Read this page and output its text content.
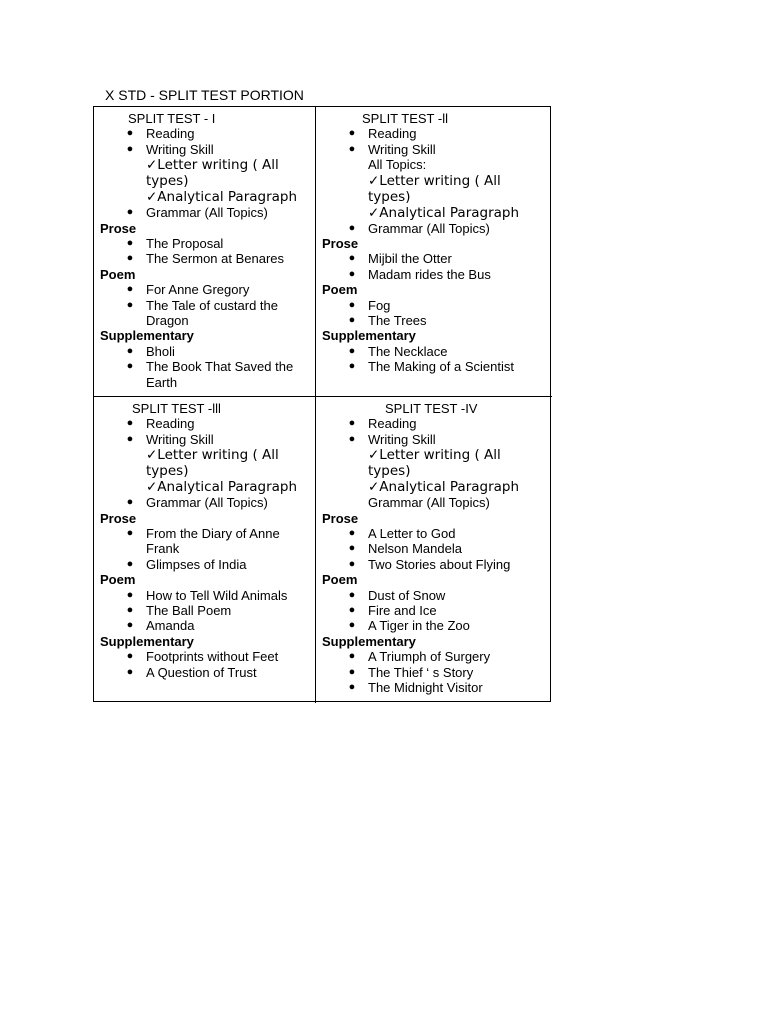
X STD - SPLIT TEST PORTION
SPLIT TEST - I
● Reading
● Writing Skill
✓Letter writing ( All types)
✓Analytical Paragraph
● Grammar (All Topics)
Prose
● The Proposal
● The Sermon at Benares
Poem
● For Anne Gregory
● The Tale of custard the Dragon
Supplementary
● Bholi
● The Book That Saved the Earth
SPLIT TEST -ll
● Reading
● Writing Skill
All Topics:
✓Letter writing ( All types)
✓Analytical Paragraph
● Grammar (All Topics)
Prose
● Mijbil the Otter
● Madam rides the Bus
Poem
● Fog
● The Trees
Supplementary
● The Necklace
● The Making of a Scientist
SPLIT TEST -lll
● Reading
● Writing Skill
✓Letter writing ( All types)
✓Analytical Paragraph
● Grammar (All Topics)
Prose
● From the Diary of Anne Frank
● Glimpses of India
Poem
● How to Tell Wild Animals
● The Ball Poem
● Amanda
Supplementary
● Footprints without Feet
● A Question of Trust
SPLIT TEST -IV
● Reading
● Writing Skill
✓Letter writing ( All types)
✓Analytical Paragraph
Grammar (All Topics)
Prose
● A Letter to God
● Nelson Mandela
● Two Stories about Flying
Poem
● Dust of Snow
● Fire and Ice
● A Tiger in the Zoo
Supplementary
● A Triumph of Surgery
● The Thief ‘ s Story
● The Midnight Visitor
